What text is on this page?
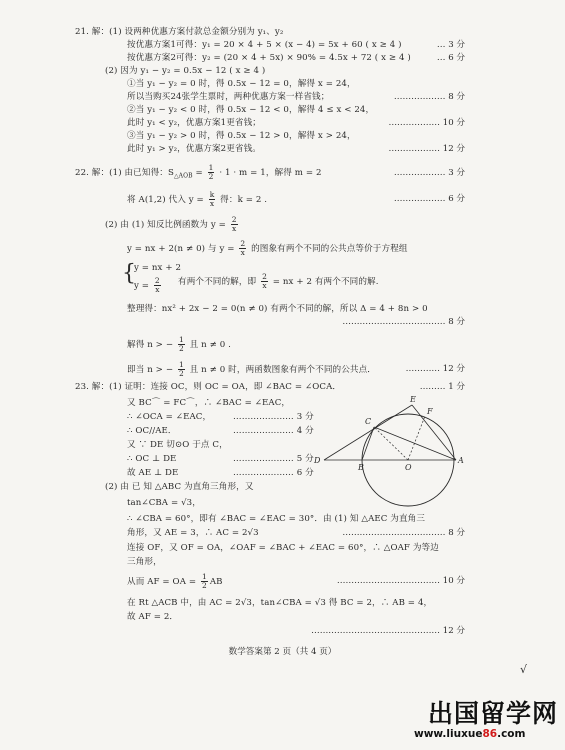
21. 解：(1) 设两种优惠方案付款总金额分别为 y₁、y₂
按优惠方案1可得：y₁ = 20 × 4 + 5 × (x − 4) = 5x + 60 ( x ≥ 4 )	… 3 分
按优惠方案2可得：y₂ = (20 × 4 + 5x) × 90% = 4.5x + 72 ( x ≥ 4 )	… 6 分
(2) 因为 y₁ − y₂ = 0.5x − 12 ( x ≥ 4 )
①当 y₁ − y₂ = 0 时，得 0.5x − 12 = 0，解得 x = 24，
所以当购买24张学生票时，两种优惠方案一样省钱；	……………… 8 分
②当 y₁ − y₂ < 0 时，得 0.5x − 12 < 0，解得 4 ≤ x < 24，
此时 y₁ < y₂，优惠方案1更省钱；	……………… 10 分
③当 y₁ − y₂ > 0 时，得 0.5x − 12 > 0，解得 x > 24，
此时 y₁ > y₂，优惠方案2更省钱。	……………… 12 分
22. 解：(1) 由已知得：$S_{\triangle AOB} = \frac{1}{2} \cdot 1 \cdot m = 1$，解得 m = 2	……………… 3 分
将 A(1,2) 代入 $y = \frac{k}{x}$ 得：k = 2 .	……………… 6 分
(2) 由 (1) 知反比例函数为 $y = \frac{2}{x}$
y = nx + 2(n ≠ 0) 与 $y = \frac{2}{x}$ 的图象有两个不同的公共点等价于方程组
{
y = nx + 2
$y = \frac{2}{x}$ 有两个不同的解，即 $\frac{2}{x}$ = nx + 2 有两个不同的解.
整理得：nx² + 2x − 2 = 0(n ≠ 0) 有两个不同的解，所以 Δ = 4 + 8n > 0
……………………………… 8 分
解得 n > − $\frac{1}{2}$ 且 n ≠ 0 .
即当 n > − $\frac{1}{2}$ 且 n ≠ 0 时，两函数图象有两个不同的公共点．	………… 12 分
23. 解：(1) 证明：连接 OC，则 OC = OA，即 ∠BAC = ∠OCA．	……… 1 分
又 BC⌒ = FC⌒，∴ ∠BAC = ∠EAC，
∴ ∠OCA = ∠EAC，	………………… 3 分
∴ OC//AE．	………………… 4 分
又 ∵ DE 切⊙O 于点 C，
∴ OC ⊥ DE	………………… 5 分
故 AE ⊥ DE	………………… 6 分
(2) 由 已 知 △ABC 为直角三角形，又
tan∠CBA = √3，
∴ ∠CBA = 60°，即有 ∠BAC = ∠EAC = 30°．由 (1) 知 △AEC 为直角三
角形，又 AE = 3，∴ AC = 2√3	……………………………… 8 分
连接 OF，又 OF = OA，∠OAF = ∠BAC + ∠EAC = 60°，∴ △OAF 为等边
三角形，
从而 AF = OA = $\frac{1}{2}$ AB	……………………………… 10 分
在 Rt △ACB 中，由 AC = 2√3，tan∠CBA = √3 得 BC = 2，∴ AB = 4，
故 AF = 2．
……………………………………… 12 分
E
F
C
D
B	O
A
数学答案第 2 页（共 4 页）
√
出国留学网
www.liuxue86.com
